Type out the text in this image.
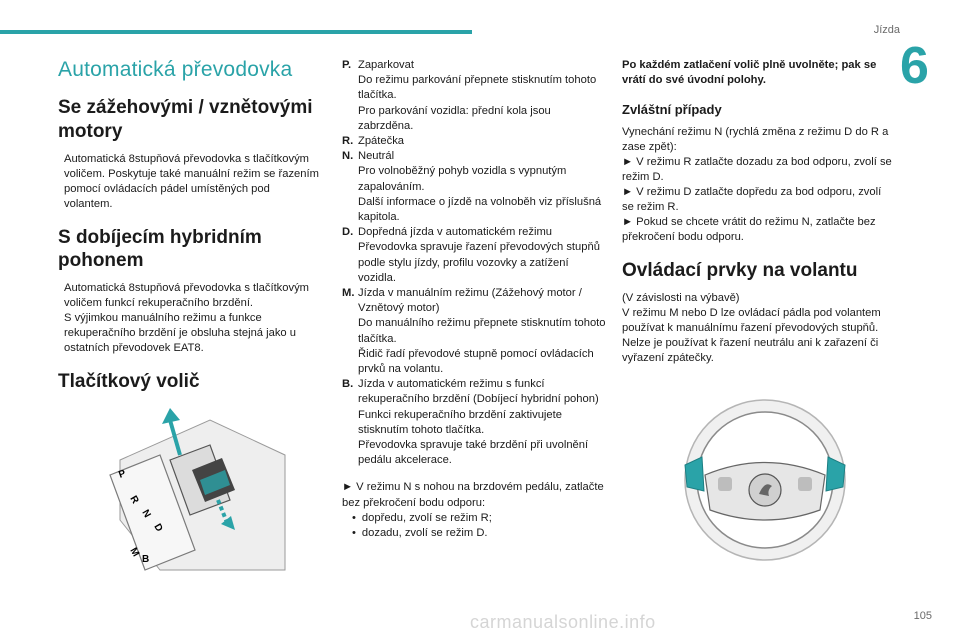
Jízda
6
Automatická převodovka
Se zážehovými / vznětovými motory

Automatická 8stupňová převodovka s tlačítkovým voličem. Poskytuje také manuální režim se řazením pomocí ovládacích pádel umístěných pod volantem.

S dobíjecím hybridním pohonem

Automatická 8stupňová převodovka s tlačítkovým voličem funkcí rekuperačního brzdění.

S výjimkou manuálního režimu a funkce rekuperačního brzdění je obsluha stejná jako u ostatních převodovek EAT8.

Tlačítkový volič
P
R
N
D
M
B
P. Zaparkovat
Do režimu parkování přepnete stisknutím tohoto tlačítka.
Pro parkování vozidla: přední kola jsou zabrzděna.
R. Zpátečka
N. Neutrál
Pro volnoběžný pohyb vozidla s vypnutým zapalováním.
Další informace o jízdě na volnoběh viz příslušná kapitola.
D. Dopředná jízda v automatickém režimu
Převodovka spravuje řazení převodových stupňů podle stylu jízdy, profilu vozovky a zatížení vozidla.
M. Jízda v manuálním režimu (Zážehový motor / Vznětový motor)
Do manuálního režimu přepnete stisknutím tohoto tlačítka.
Řidič řadí převodové stupně pomocí ovládacích prvků na volantu.
B. Jízda v automatickém režimu s funkcí rekuperačního brzdění (Dobíjecí hybridní pohon)
Funkci rekuperačního brzdění zaktivujete stisknutím tohoto tlačítka.
Převodovka spravuje také brzdění při uvolnění pedálu akcelerace.
► V režimu N s nohou na brzdovém pedálu, zatlačte bez překročení bodu odporu:
• dopředu, zvolí se režim R;
• dozadu, zvolí se režim D.

Po každém zatlačení volič plně uvolněte; pak se vrátí do své úvodní polohy.

Zvláštní případy

Vynechání režimu N (rychlá změna z režimu D do R a zase zpět):

► V režimu R zatlačte dozadu za bod odporu, zvolí se režim D.

► V režimu D zatlačte dopředu za bod odporu, zvolí se režim R.

► Pokud se chcete vrátit do režimu N, zatlačte bez překročení bodu odporu.

Ovládací prvky na volantu

(V závislosti na výbavě)

V režimu M nebo D lze ovládací pádla pod volantem používat k manuálnímu řazení převodových stupňů.

Nelze je používat k řazení neutrálu ani k zařazení či vyřazení zpátečky.

carmanualsonline.info	105
